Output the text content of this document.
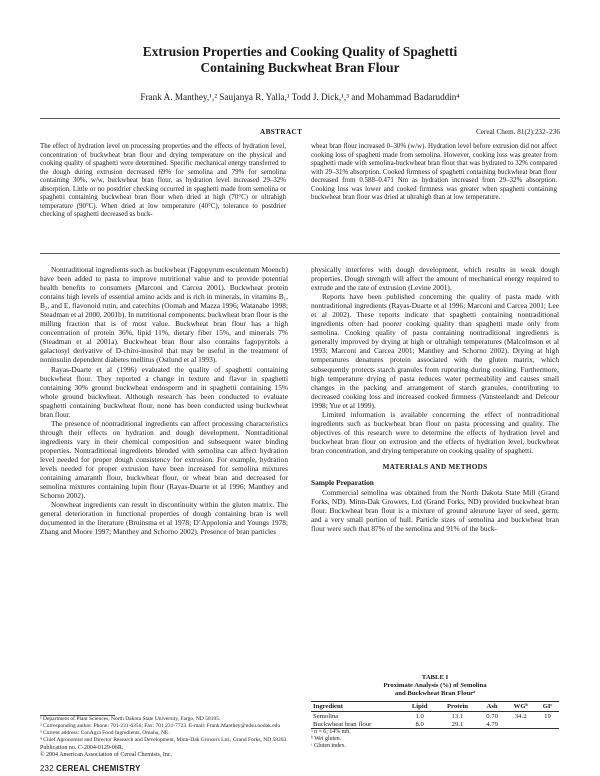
Extrusion Properties and Cooking Quality of Spaghetti
Containing Buckwheat Bran Flour
Frank A. Manthey,¹,² Saujanya R. Yalla,¹ Todd J. Dick,¹,³ and Mohammad Badaruddin⁴
ABSTRACT	Cereal Chem. 81(2):232–236
The effect of hydration level on processing properties and the effects of hydration level, concentration of buckwheat bran flour and drying temperature on the physical and cooking quality of spaghetti were determined. Specific mechanical energy transferred to the dough during extrusion decreased 69% for semolina and 79% for semolina containing 30%, w/w, buckwheat bran flour, as hydration level increased 29–32% absorption. Little or no postdrier checking occurred in spaghetti made from semolina or spaghetti containing buckwheat bran flour when dried at high (70°C) or ultrahigh temperature (90°C). When dried at low temperature (40°C), tolerance to postdrier checking of spaghetti decreased as buck-
wheat bran flour increased 0–30% (w/w). Hydration level before extrusion did not affect cooking loss of spaghetti made from semolina. However, cooking loss was greater from spaghetti made with semolina-buckwheat bran flour that was hydrated to 32% compared with 29–31% absorption. Cooked firmness of spaghetti containing buckwheat bran flour decreased from 0.588–0.471 Nm as hydration increased from 29–32% absorption. Cooking loss was lower and cooked firmness was greater when spaghetti containing buckwheat bran flour was dried at ultrahigh than at low temperature.

Nontraditional ingredients such as buckwheat (Fagopyrum esculentum Moench) have been added to pasta to improve nutritional value and to provide potential health benefits to consumers (Marconi and Carcea 2001). Buckwheat protein contains high levels of essential amino acids and is rich in minerals, in vitamins B₁, B₂, and E, flavonoid rutin, and catechins (Oomah and Mazza 1996; Watanabe 1998; Steadman et al 2000, 2001b). In nutritional components, buckwheat bran flour is the milling fraction that is of most value. Buckwheat bran flour has a high concentration of protein 36%, lipid 11%, dietary fiber 15%, and minerals 7% (Steadman et al 2001a). Buckwheat bran flour also contains fagopyritols a galactosyl derivative of D-chiro-inositol that may be useful in the treatment of noninsulin dependent diabetes mellitus (Ostlund et al 1993).

Rayas-Duarte et al (1996) evaluated the quality of spaghetti containing buckwheat flour. They reported a change in texture and flavor in spaghetti containing 30% ground buckwheat endosperm and in spaghetti containing 15% whole ground buckwheat. Although research has been conducted to evaluate spaghetti containing buckwheat flour, none has been conducted using buckwheat bran flour.

The presence of nontraditional ingredients can affect processing characteristics through their effects on hydration and dough development. Nontraditional ingredients vary in their chemical composition and subsequent water binding properties. Nontraditional ingredients blended with semolina can affect hydration level needed for proper dough consistency for extrusion. For example, hydration levels needed for proper extrusion have been increased for semolina mixtures containing amaranth flour, buckwheat flour, or wheat bran and decreased for semolina mixtures containing lupin flour (Rayas-Duarte et al 1996; Manthey and Schorno 2002).

Nonwheat ingredients can result in discontinuity within the gluten matrix. The general deterioration in functional properties of dough containing bran is well documented in the literature (Bruinsma et al 1978; D’Appolonia and Youngs 1978; Zhang and Moore 1997; Manthey and Schorno 2002). Presence of bran particles

physically interferes with dough development, which results in weak dough properties. Dough strength will affect the amount of mechanical energy required to extrude and the rate of extrusion (Levine 2001).

Reports have been published concerning the quality of pasta made with nontraditional ingredients (Rayas-Duarte et al 1996; Marconi and Carcea 2001; Lee et al 2002). These reports indicate that spaghetti containing nontraditional ingredients often had poorer cooking quality than spaghetti made only from semolina. Cooking quality of pasta containing nontraditional ingredients is generally improved by drying at high or ultrahigh temperatures (Malcolmson et al 1993; Marconi and Carcea 2001; Manthey and Schorno 2002). Drying at high temperatures denatures protein associated with the gluten matrix, which subsequently protects starch granules from rupturing during cooking. Furthermore, high temperature drying of pasta reduces water permeability and causes small changes in the packing and arrangement of starch granules, contributing to decreased cooking loss and increased cooked firmness (Vansteelandt and Delcour 1998; Yue et al 1999).

Limited information is available concerning the effect of nontraditional ingredients such as buckwheat bran flour on pasta processing and quality. The objectives of this research were to determine the effects of hydration level and buckwheat bran flour on extrusion and the effects of hydration level, buckwheat bran concentration, and drying temperature on cooking quality of spaghetti.

MATERIALS AND METHODS
Sample Preparation

Commercial semolina was obtained from the North Dakota State Mill (Grand Forks, ND). Minn-Dak Growers, Ltd (Grand Forks, ND) provided buckwheat bran flour. Buckwheat bran flour is a mixture of ground aleurone layer of seed, germ, and a very small portion of hull. Particle sizes of semolina and buckwheat bran flour were such that 87% of the semolina and 91% of the buck-

TABLE I
Proximate Analysis (%) of Semolina
and Buckwheat Bran Flourᵃ
Ingredient	Lipid	Protein	Ash	WGᵇ	GIᶜ
Semolina	1.0	13.1	0.70	34.2	19
Buckwheat bran flour	8.0	29.1	4.79		
ᵃ n = 6; 14% mb.
ᵇ Wet gluten.
ᶜ Gluten index.
¹ Department of Plant Sciences, North Dakota State University, Fargo, ND 58105.
² Corresponding author. Phone: 701-231-6356; Fax: 701 231-7723. E-mail: Frank.Manthey@ndsu.nodak.edu
³ Current address: ConAgra Food Ingredients, Omaha, NE.
⁴ Chief Agronomist and Director Research and Development, Minn-Dak Growers Ltd., Grand Forks, ND 58203.
Publication no. C-2004-0129-06R.
© 2004 American Association of Cereal Chemists, Inc.
232 CEREAL CHEMISTRY
